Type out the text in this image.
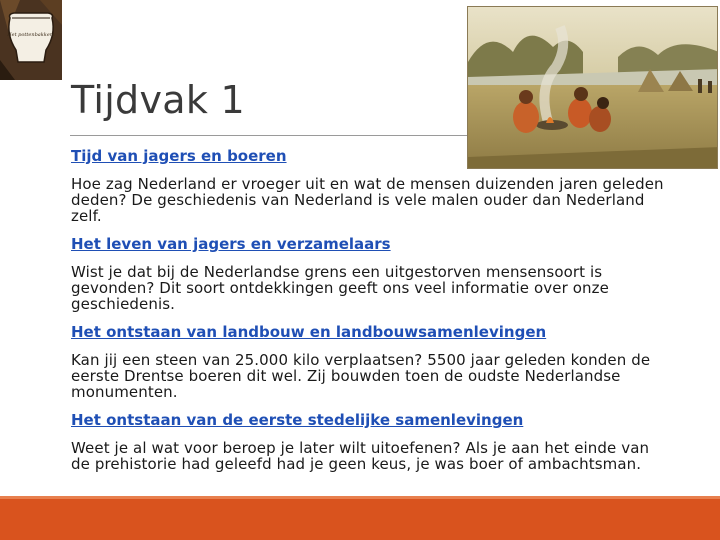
Het pottenbakkers
Tijdvak 1
Tijd van jagers en boeren

Hoe zag Nederland er vroeger uit en wat de mensen duizenden jaren geleden deden? De geschiedenis van Nederland is vele malen ouder dan Nederland zelf.

Het leven van jagers en verzamelaars

Wist je dat bij de Nederlandse grens een uitgestorven mensensoort is gevonden? Dit soort ontdekkingen geeft ons veel informatie over onze geschiedenis.

Het ontstaan van landbouw en landbouwsamenlevingen

Kan jij een steen van 25.000 kilo verplaatsen? 5500 jaar geleden konden de eerste Drentse boeren dit wel. Zij bouwden toen de oudste Nederlandse monumenten.

Het ontstaan van de eerste stedelijke samenlevingen

Weet je al wat voor beroep je later wilt uitoefenen? Als je aan het einde van de prehistorie had geleefd had je geen keus, je was boer of ambachtsman.
